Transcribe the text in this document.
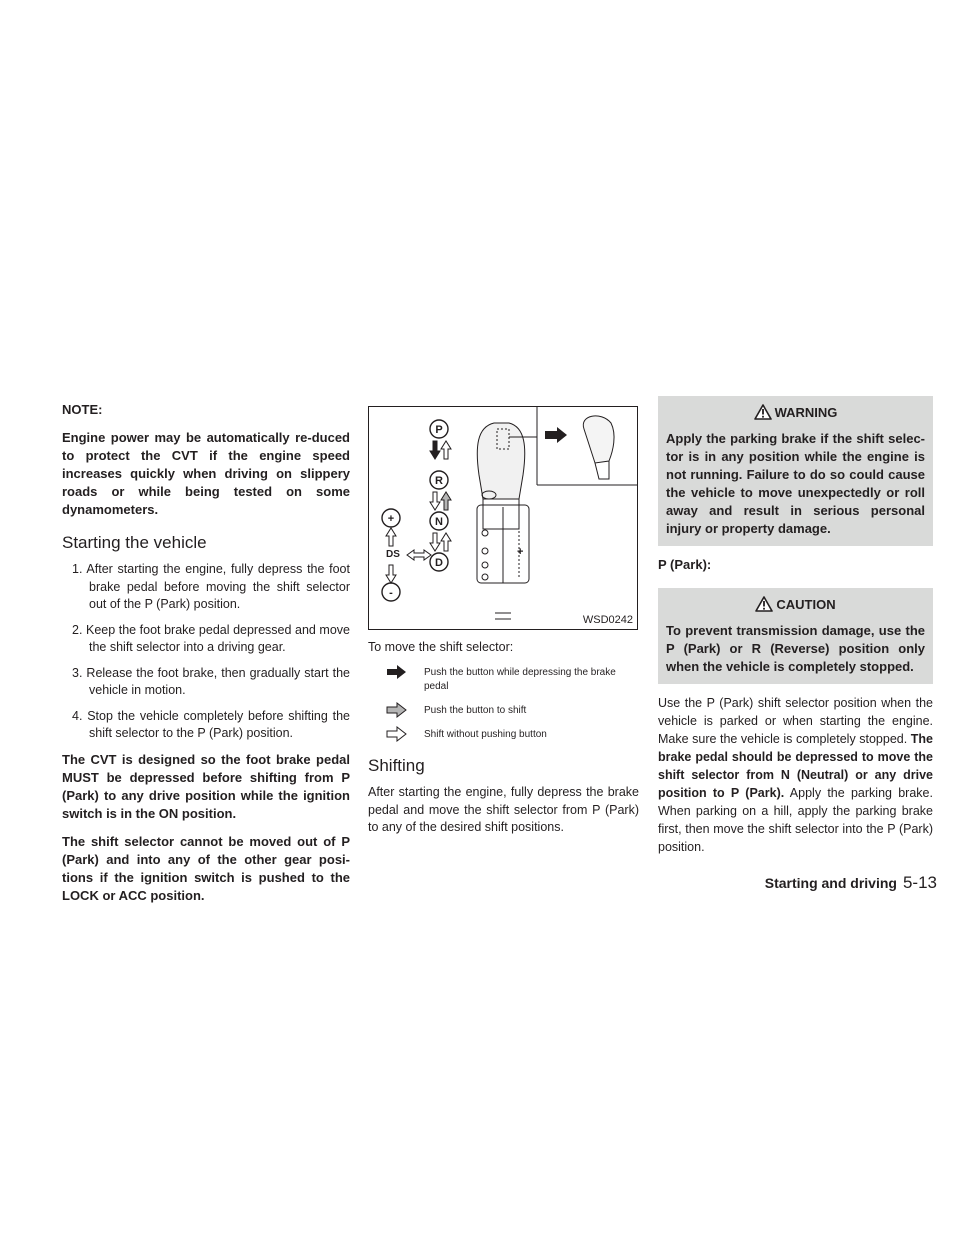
NOTE:

Engine power may be automatically re-duced to protect the CVT if the engine speed increases quickly when driving on slippery roads or while being tested on some dynamometers.

Starting the vehicle
1. After starting the engine, fully depress the foot brake pedal before moving the shift selector out of the P (Park) position.
2. Keep the foot brake pedal depressed and move the shift selector into a driving gear.
3. Release the foot brake, then gradually start the vehicle in motion.
4. Stop the vehicle completely before shifting the shift selector to the P (Park) position.

The CVT is designed so the foot brake pedal MUST be depressed before shifting from P (Park) to any drive position while the ignition switch is in the ON position.

The shift selector cannot be moved out of P (Park) and into any of the other gear posi-tions if the ignition switch is pushed to the LOCK or ACC position.

P
R
N
D
+
-
DS	+
WSD0242

To move the shift selector:

Push the button while depressing the brake pedal
Push the button to shift
Shift without pushing button
Shifting

After starting the engine, fully depress the brake pedal and move the shift selector from P (Park) to any of the desired shift positions.

WARNING

Apply the parking brake if the shift selec-tor is in any position while the engine is not running. Failure to do so could cause the vehicle to move unexpectedly or roll away and result in serious personal injury or property damage.

P (Park):

CAUTION

To prevent transmission damage, use the P (Park) or R (Reverse) position only when the vehicle is completely stopped.

Use the P (Park) shift selector position when the vehicle is parked or when starting the engine. Make sure the vehicle is completely stopped. The brake pedal should be depressed to move the shift selector from N (Neutral) or any drive position to P (Park). Apply the parking brake. When parking on a hill, apply the parking brake first, then move the shift selector into the P (Park) position.

Starting and driving 5-13
